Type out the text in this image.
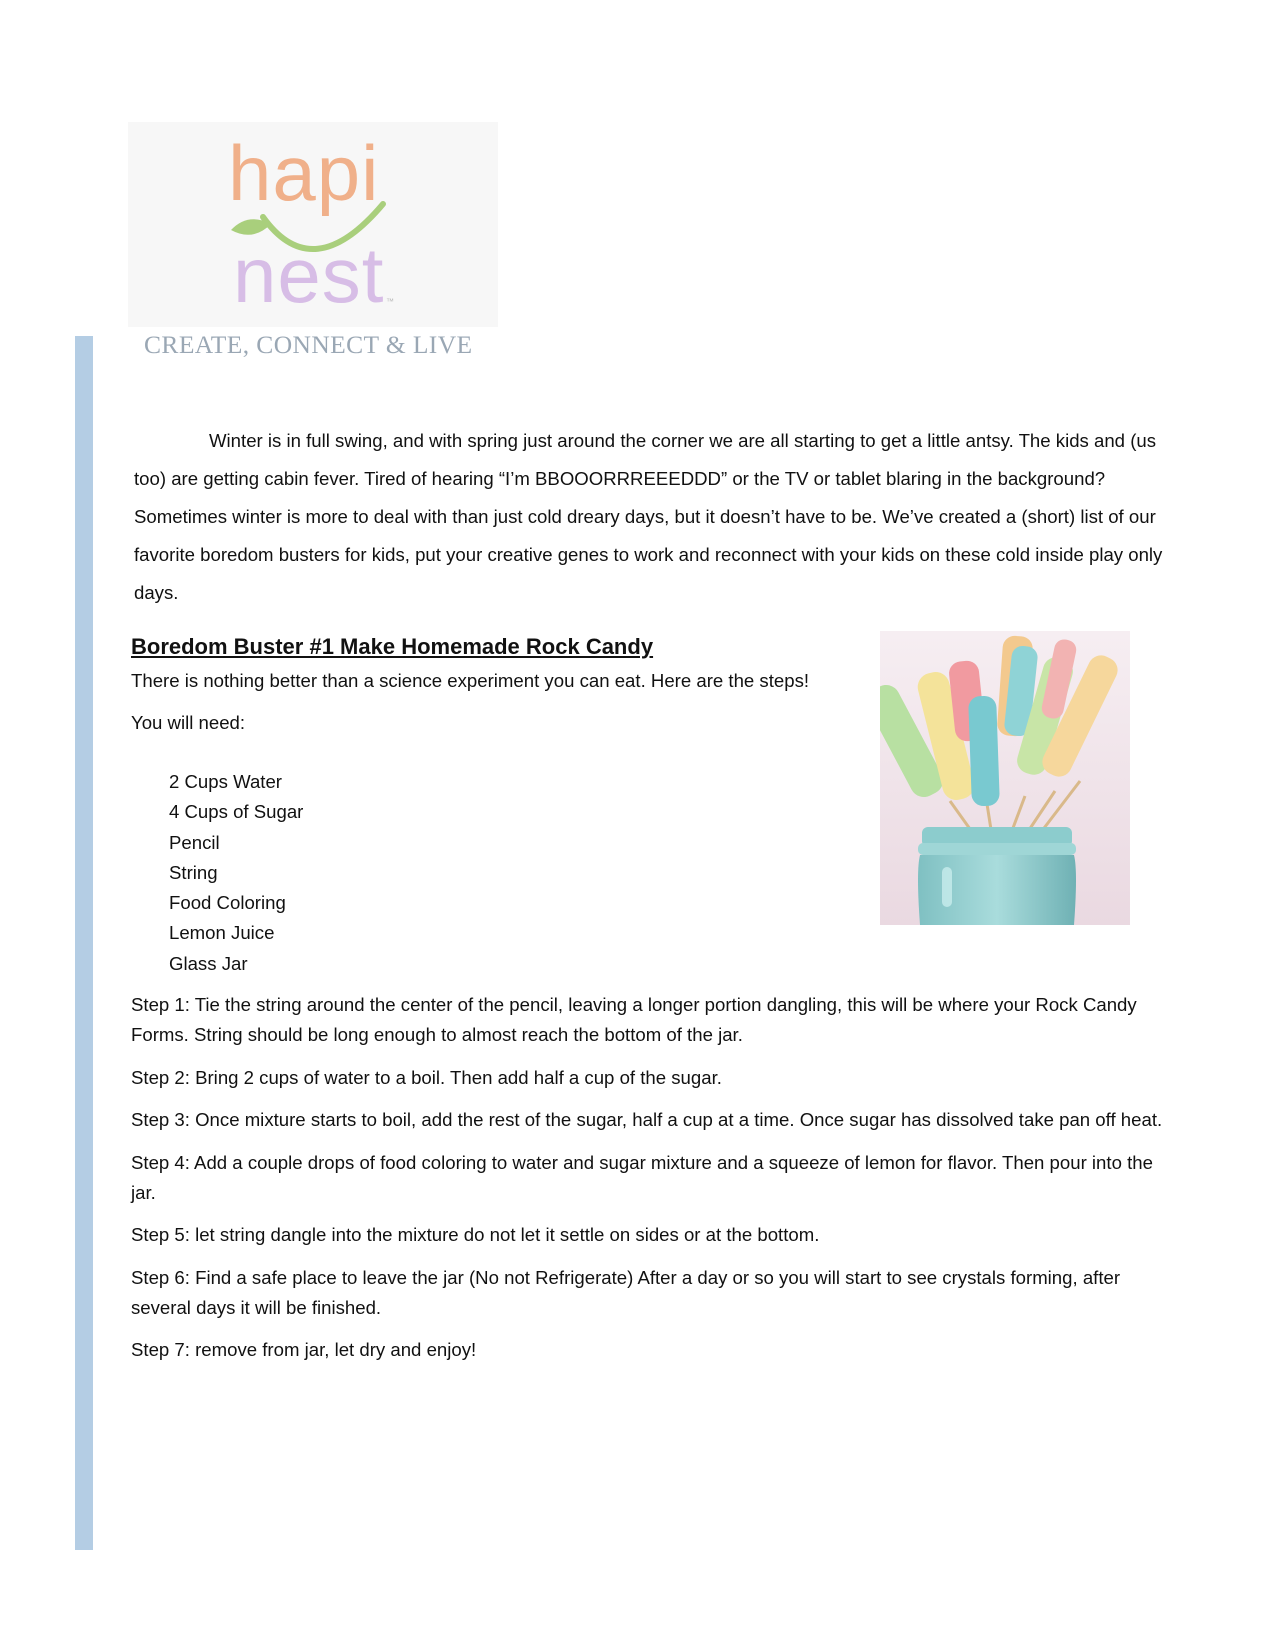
hapi
nest ™
CREATE, CONNECT & LIVE

Winter is in full swing, and with spring just around the corner we are all starting to get a little antsy. The kids and (us too) are getting cabin fever. Tired of hearing “I’m BBOOORRREEEDDD” or the TV or tablet blaring in the background? Sometimes winter is more to deal with than just cold dreary days, but it doesn’t have to be. We’ve created a (short) list of our favorite boredom busters for kids, put your creative genes to work and reconnect with your kids on these cold inside play only days.

Boredom Buster #1 Make Homemade Rock Candy

There is nothing better than a science experiment you can eat. Here are the steps!

You will need:

2 Cups Water
4 Cups of Sugar
Pencil
String
Food Coloring
Lemon Juice
Glass Jar

Step 1: Tie the string around the center of the pencil, leaving a longer portion dangling, this will be where your Rock Candy Forms. String should be long enough to almost reach the bottom of the jar.

Step 2: Bring 2 cups of water to a boil. Then add half a cup of the sugar.

Step 3: Once mixture starts to boil, add the rest of the sugar, half a cup at a time. Once sugar has dissolved take pan off heat.

Step 4: Add a couple drops of food coloring to water and sugar mixture and a squeeze of lemon for flavor. Then pour into the jar.

Step 5: let string dangle into the mixture do not let it settle on sides or at the bottom.

Step 6: Find a safe place to leave the jar (No not Refrigerate) After a day or so you will start to see crystals forming, after several days it will be finished.

Step 7: remove from jar, let dry and enjoy!
